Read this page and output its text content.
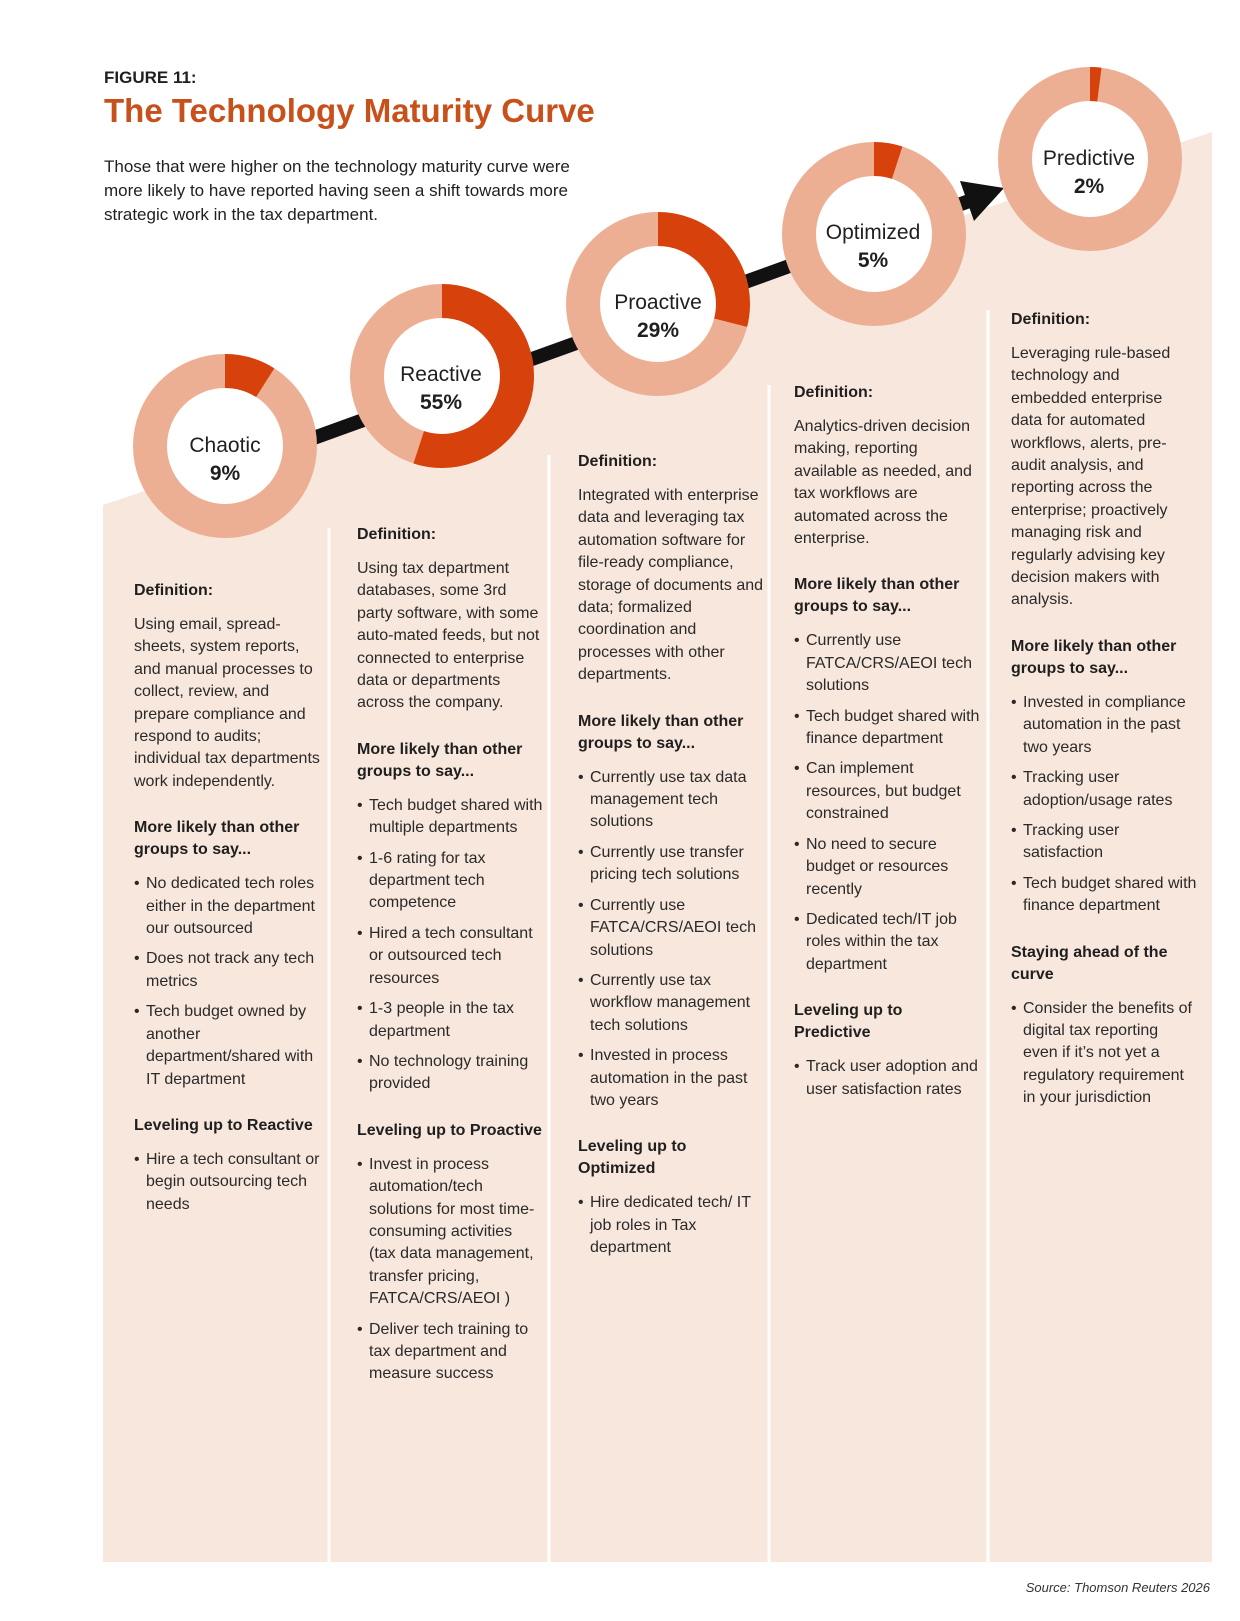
FIGURE 11:
The Technology Maturity Curve
Those that were higher on the technology maturity curve were more likely to have reported having seen a shift towards more strategic work in the tax department.
Chaotic
9%
Reactive
55%
Proactive
29%
Optimized
5%
Predictive
2%
Definition:

Using email, spread-sheets, system reports, and manual processes to collect, review, and prepare compliance and respond to audits; individual tax departments work independently.

More likely than other groups to say...
• No dedicated tech roles either in the department our outsourced
• Does not track any tech metrics
• Tech budget owned by another department/shared with IT department
Leveling up to Reactive
• Hire a tech consultant or begin outsourcing tech needs
Definition:

Using tax department databases, some 3rd party software, with some auto-mated feeds, but not connected to enterprise data or departments across the company.

More likely than other groups to say...
• Tech budget shared with multiple departments
• 1-6 rating for tax department tech competence
• Hired a tech consultant or outsourced tech resources
• 1-3 people in the tax department
• No technology training provided
Leveling up to Proactive
• Invest in process automation/tech solutions for most time-consuming activities (tax data management, transfer pricing, FATCA/CRS/AEOI )
• Deliver tech training to tax department and measure success
Definition:

Integrated with enterprise data and leveraging tax automation software for file-ready compliance, storage of documents and data; formalized coordination and processes with other departments.

More likely than other groups to say...
• Currently use tax data management tech solutions
• Currently use transfer pricing tech solutions
• Currently use FATCA/CRS/AEOI tech solutions
• Currently use tax workflow management tech solutions
• Invested in process automation in the past two years
Leveling up to Optimized
• Hire dedicated tech/ IT job roles in Tax department
Definition:

Analytics-driven decision making, reporting available as needed, and tax workflows are automated across the enterprise.

More likely than other groups to say...
• Currently use FATCA/CRS/AEOI tech solutions
• Tech budget shared with finance department
• Can implement resources, but budget constrained
• No need to secure budget or resources recently
• Dedicated tech/IT job roles within the tax department
Leveling up to Predictive
• Track user adoption and user satisfaction rates
Definition:

Leveraging rule-based technology and embedded enterprise data for automated workflows, alerts, pre-audit analysis, and reporting across the enterprise; proactively managing risk and regularly advising key decision makers with analysis.

More likely than other groups to say...
• Invested in compliance automation in the past two years
• Tracking user adoption/usage rates
• Tracking user satisfaction
• Tech budget shared with finance department
Staying ahead of the curve
• Consider the benefits of digital tax reporting even if it’s not yet a regulatory requirement in your jurisdiction
Source: Thomson Reuters 2026
